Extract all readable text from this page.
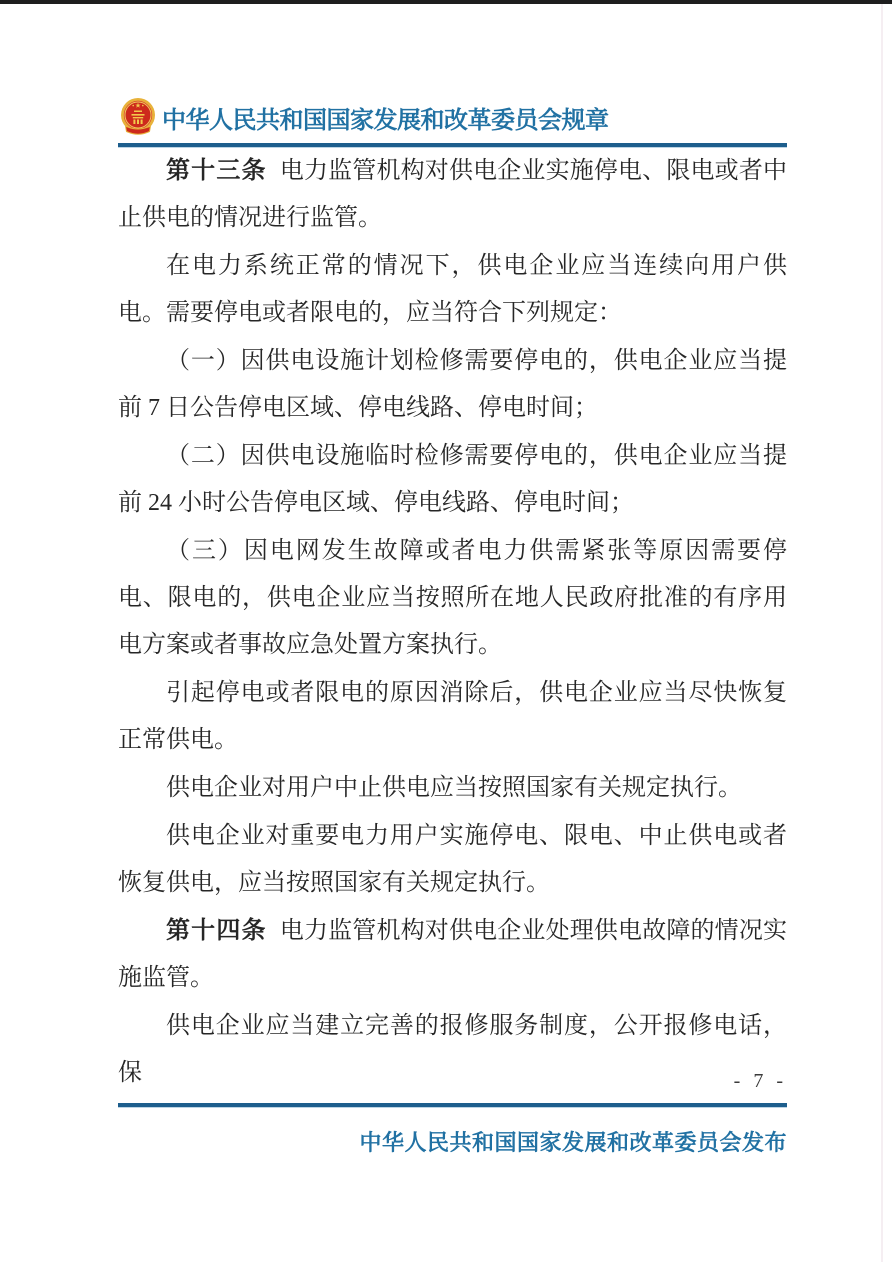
中华人民共和国国家发展和改革委员会规章

第十三条 电力监管机构对供电企业实施停电、限电或者中止供电的情况进行监管。

在电力系统正常的情况下，供电企业应当连续向用户供电。需要停电或者限电的，应当符合下列规定：

（一）因供电设施计划检修需要停电的，供电企业应当提前 7 日公告停电区域、停电线路、停电时间；

（二）因供电设施临时检修需要停电的，供电企业应当提前 24 小时公告停电区域、停电线路、停电时间；

（三）因电网发生故障或者电力供需紧张等原因需要停电、限电的，供电企业应当按照所在地人民政府批准的有序用电方案或者事故应急处置方案执行。

引起停电或者限电的原因消除后，供电企业应当尽快恢复正常供电。

供电企业对用户中止供电应当按照国家有关规定执行。

供电企业对重要电力用户实施停电、限电、中止供电或者恢复供电，应当按照国家有关规定执行。

第十四条 电力监管机构对供电企业处理供电故障的情况实施监管。

供电企业应当建立完善的报修服务制度，公开报修电话，保	- 7 -
中华人民共和国国家发展和改革委员会发布
